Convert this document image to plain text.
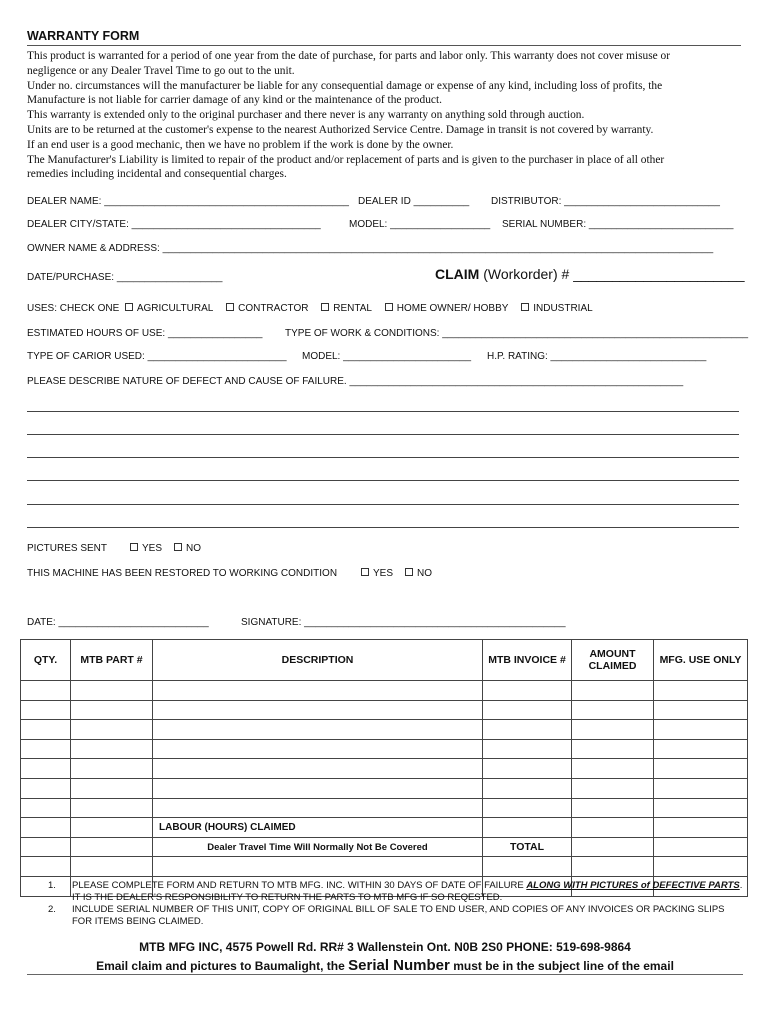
WARRANTY FORM
This product is warranted for a period of one year from the date of purchase, for parts and labor only. This warranty does not cover misuse or
negligence or any Dealer Travel Time to go out to the unit.
Under no. circumstances will the manufacturer be liable for any consequential damage or expense of any kind, including loss of profits, the
Manufacture is not liable for carrier damage of any kind or the maintenance of the product.
This warranty is extended only to the original purchaser and there never is any warranty on anything sold through auction.
Units are to be returned at the customer's expense to the nearest Authorized Service Centre. Damage in transit is not covered by warranty.
If an end user is a good mechanic, then we have no problem if the work is done by the owner.
The Manufacturer's Liability is limited to repair of the product and/or replacement of parts and is given to the purchaser in place of all other
remedies including incidental and consequential charges.
DEALER NAME: ____________________________________________ DEALER ID __________ DISTRIBUTOR: ____________________________
DEALER CITY/STATE: __________________________________	MODEL: __________________ SERIAL NUMBER: __________________________
OWNER NAME & ADDRESS: ___________________________________________________________________________________________________
DATE/PURCHASE: ___________________	CLAIM (Workorder) # ______________________
USES: CHECK ONE AGRICULTURAL CONTRACTOR RENTAL HOME OWNER/ HOBBY INDUSTRIAL
ESTIMATED HOURS OF USE: _________________ TYPE OF WORK & CONDITIONS: _______________________________________________________
TYPE OF CARIOR USED: _________________________ MODEL: _______________________ H.P. RATING: ____________________________
PLEASE DESCRIBE NATURE OF DEFECT AND CAUSE OF FAILURE. ____________________________________________________________
PICTURES SENT	YES	NO
THIS MACHINE HAS BEEN RESTORED TO WORKING CONDITION	YES	NO
DATE: ___________________________	SIGNATURE: _______________________________________________
QTY.	MTB PART #	DESCRIPTION	MTB INVOICE #	AMOUNT CLAIMED	MFG. USE ONLY

		LABOUR (HOURS) CLAIMED			
		Dealer Travel Time Will Normally Not Be Covered	TOTAL		

1.	PLEASE COMPLETE FORM AND RETURN TO MTB MFG. INC. WITHIN 30 DAYS OF DATE OF FAILURE ALONG WITH PICTURES of DEFECTIVE PARTS. IT IS THE DEALER'S RESPONSIBILITY TO RETURN THE PARTS TO MTB MFG IF SO REQESTED.
2.	INCLUDE SERIAL NUMBER OF THIS UNIT, COPY OF ORIGINAL BILL OF SALE TO END USER, AND COPIES OF ANY INVOICES OR PACKING SLIPS FOR ITEMS BEING CLAIMED.
MTB MFG INC, 4575 Powell Rd. RR# 3 Wallenstein Ont. N0B 2S0 PHONE: 519-698-9864
Email claim and pictures to Baumalight, the Serial Number must be in the subject line of the email
